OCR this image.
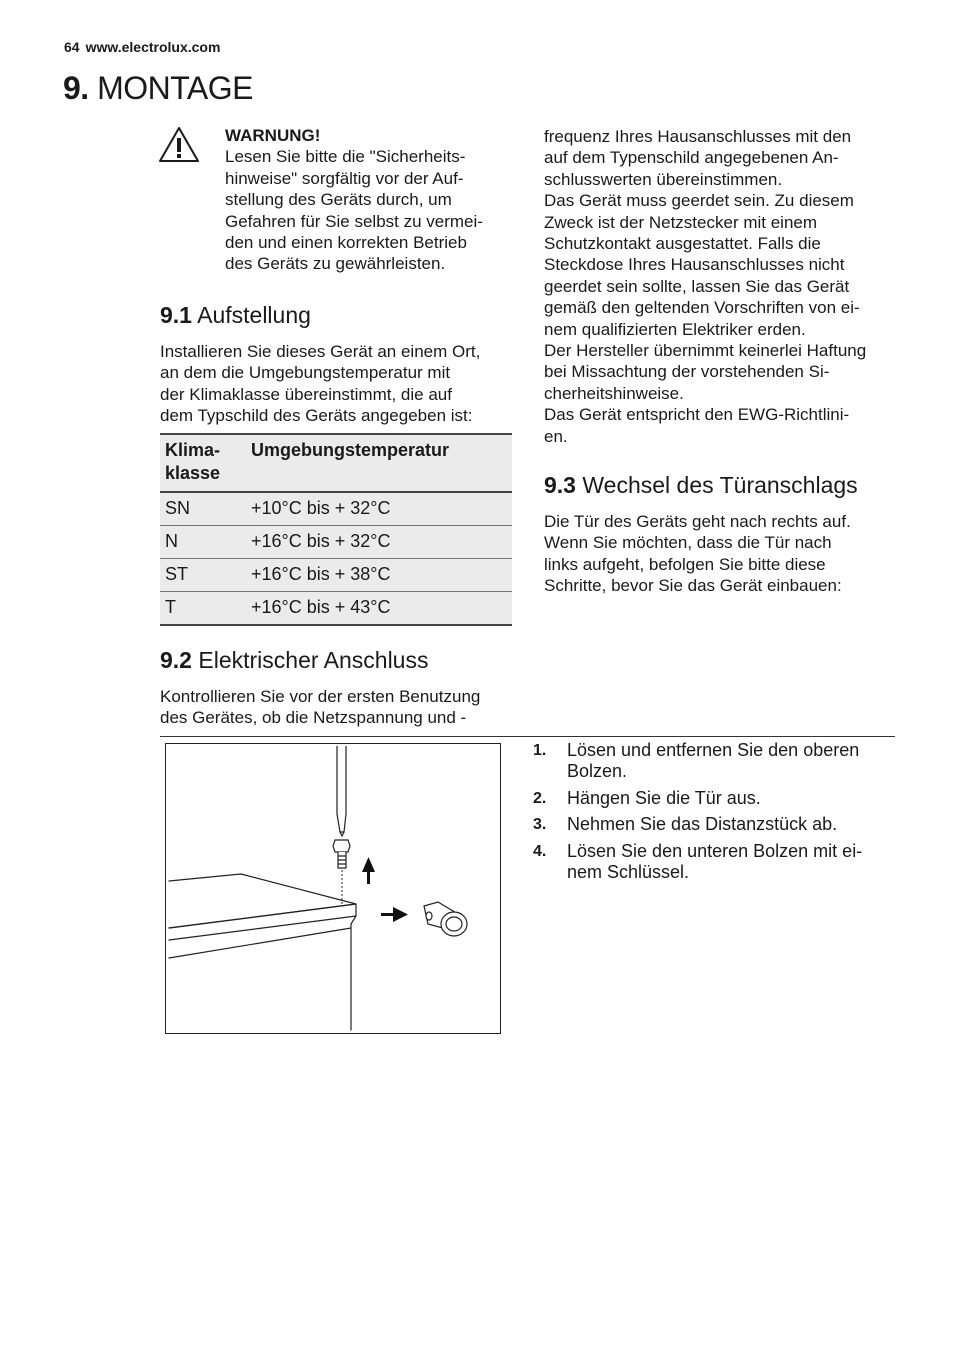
64 www.electrolux.com
9. MONTAGE
WARNUNG!
Lesen Sie bitte die "Sicherheits-
hinweise" sorgfältig vor der Auf-
stellung des Geräts durch, um
Gefahren für Sie selbst zu vermei-
den und einen korrekten Betrieb
des Geräts zu gewährleisten.
9.1 Aufstellung
Installieren Sie dieses Gerät an einem Ort,
an dem die Umgebungstemperatur mit
der Klimaklasse übereinstimmt, die auf
dem Typschild des Geräts angegeben ist:
Klima-
klasse	Umgebungstemperatur
SN	+10°C bis + 32°C
N	+16°C bis + 32°C
ST	+16°C bis + 38°C
T	+16°C bis + 43°C
9.2 Elektrischer Anschluss
Kontrollieren Sie vor der ersten Benutzung
des Gerätes, ob die Netzspannung und -
frequenz Ihres Hausanschlusses mit den
auf dem Typenschild angegebenen An-
schlusswerten übereinstimmen.
Das Gerät muss geerdet sein. Zu diesem
Zweck ist der Netzstecker mit einem
Schutzkontakt ausgestattet. Falls die
Steckdose Ihres Hausanschlusses nicht
geerdet sein sollte, lassen Sie das Gerät
gemäß den geltenden Vorschriften von ei-
nem qualifizierten Elektriker erden.
Der Hersteller übernimmt keinerlei Haftung
bei Missachtung der vorstehenden Si-
cherheitshinweise.
Das Gerät entspricht den EWG-Richtlini-
en.
9.3 Wechsel des Türanschlags
Die Tür des Geräts geht nach rechts auf.
Wenn Sie möchten, dass die Tür nach
links aufgeht, befolgen Sie bitte diese
Schritte, bevor Sie das Gerät einbauen:
1. Lösen und entfernen Sie den oberen
Bolzen.
2. Hängen Sie die Tür aus.
3. Nehmen Sie das Distanzstück ab.
4. Lösen Sie den unteren Bolzen mit ei-
nem Schlüssel.
